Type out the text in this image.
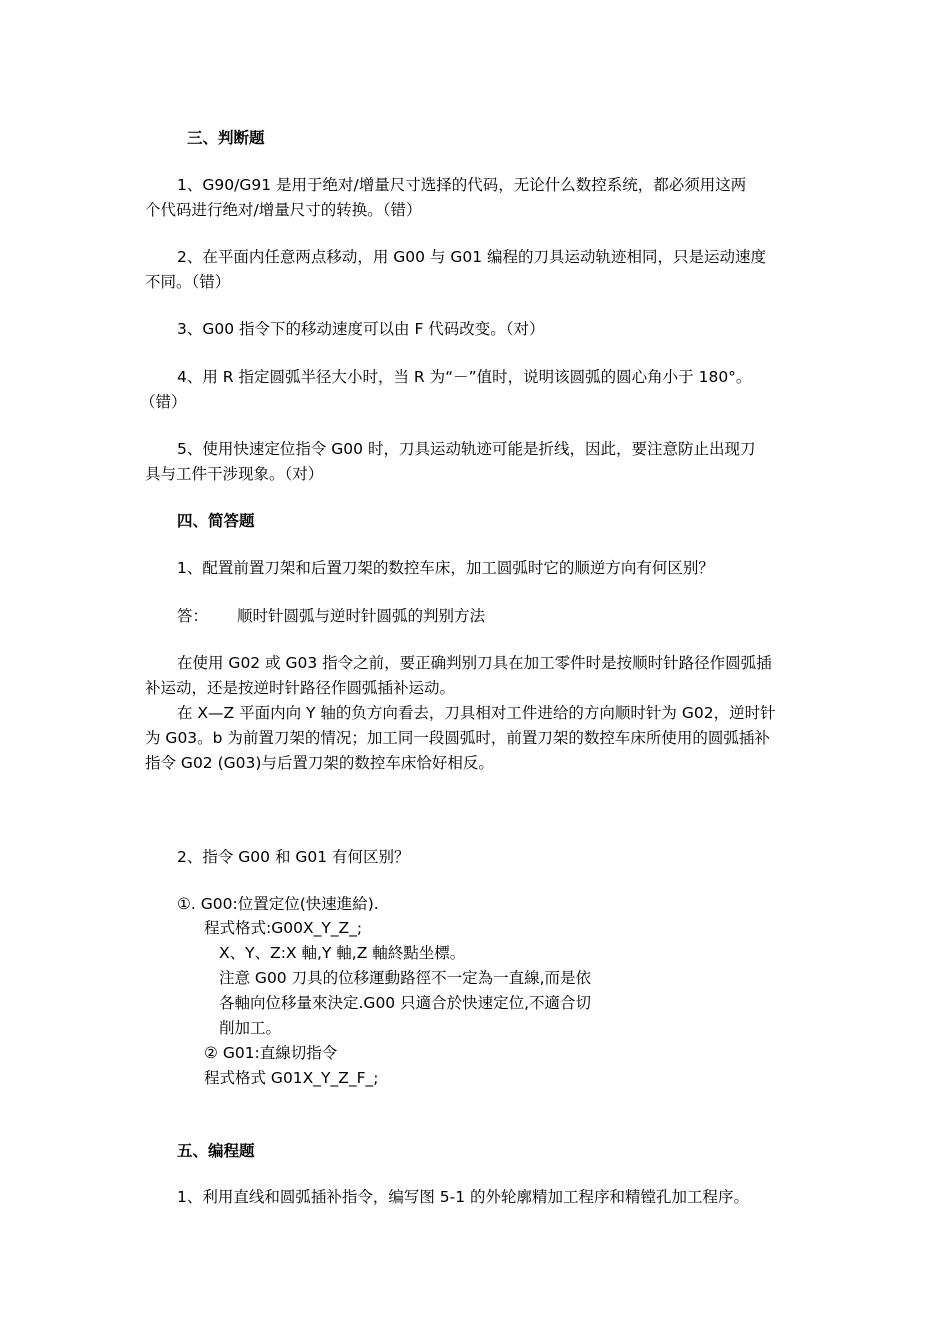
三、判断题
1、G90/G91 是用于绝对/增量尺寸选择的代码，无论什么数控系统，都必须用这两
个代码进行绝对/增量尺寸的转换。（错）
2、在平面内任意两点移动，用 G00 与 G01 编程的刀具运动轨迹相同，只是运动速度
不同。（错）
3、G00 指令下的移动速度可以由 F 代码改变。（对）
4、用 R 指定圆弧半径大小时，当 R 为“－”值时，说明该圆弧的圆心角小于 180°。
（错）
5、使用快速定位指令 G00 时，刀具运动轨迹可能是折线，因此，要注意防止出现刀
具与工件干涉现象。（对）
四、简答题
1、配置前置刀架和后置刀架的数控车床，加工圆弧时它的顺逆方向有何区别？
答： 顺时针圆弧与逆时针圆弧的判别方法
在使用 G02 或 G03 指令之前，要正确判别刀具在加工零件时是按顺时针路径作圆弧插
补运动，还是按逆时针路径作圆弧插补运动。
在 X—Z 平面内向 Y 轴的负方向看去，刀具相对工件进给的方向顺时针为 G02，逆时针
为 G03。b 为前置刀架的情况；加工同一段圆弧时，前置刀架的数控车床所使用的圆弧插补
指令 G02 (G03)与后置刀架的数控车床恰好相反。
2、指令 G00 和 G01 有何区别？
①. G00:位置定位(快速進給).
程式格式:G00X_Y_Z_;
X、Y、Z:X 軸,Y 軸,Z 軸終點坐標。
注意 G00 刀具的位移運動路徑不一定為一直線,而是依
各軸向位移量來決定.G00 只適合於快速定位,不適合切
削加工。
② G01:直線切指令
程式格式 G01X_Y_Z_F_;
五、编程题
1、利用直线和圆弧插补指令，编写图 5-1 的外轮廓精加工程序和精镗孔加工程序。
